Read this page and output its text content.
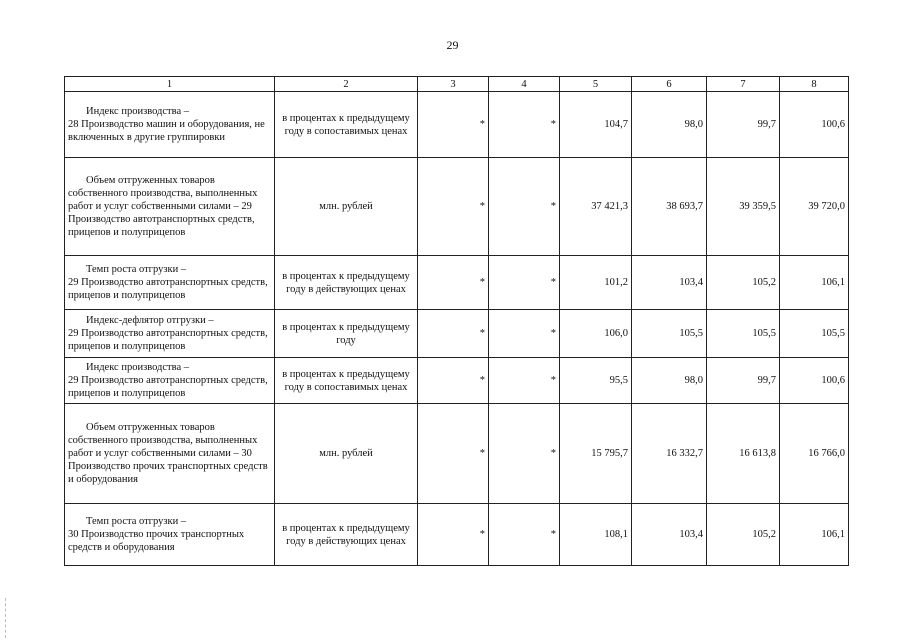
29
1	2	3	4	5	6	7	8

Индекс производства –
28 Производство машин и оборудования, не включенных в другие группировки	в процентах к предыдущему году в сопоставимых ценах	*	*	104,7	98,0	99,7	100,6

Объем отгруженных товаров
собственного производства, выполненных работ и услуг собственными силами – 29 Производство автотранспортных средств, прицепов и полуприцепов	млн. рублей	*	*	37 421,3	38 693,7	39 359,5	39 720,0

Темп роста отгрузки –
29 Производство автотранспортных средств, прицепов и полуприцепов	в процентах к предыдущему году в действующих ценах	*	*	101,2	103,4	105,2	106,1

Индекс-дефлятор отгрузки –
29 Производство автотранспортных средств, прицепов и полуприцепов	в процентах к предыдущему году	*	*	106,0	105,5	105,5	105,5

Индекс производства –
29 Производство автотранспортных средств, прицепов и полуприцепов	в процентах к предыдущему году в сопоставимых ценах	*	*	95,5	98,0	99,7	100,6

Объем отгруженных товаров
собственного производства, выполненных работ и услуг собственными силами – 30 Производство прочих транспортных средств и оборудования	млн. рублей	*	*	15 795,7	16 332,7	16 613,8	16 766,0

Темп роста отгрузки –
30 Производство прочих транспортных средств и оборудования	в процентах к предыдущему году в действующих ценах	*	*	108,1	103,4	105,2	106,1
